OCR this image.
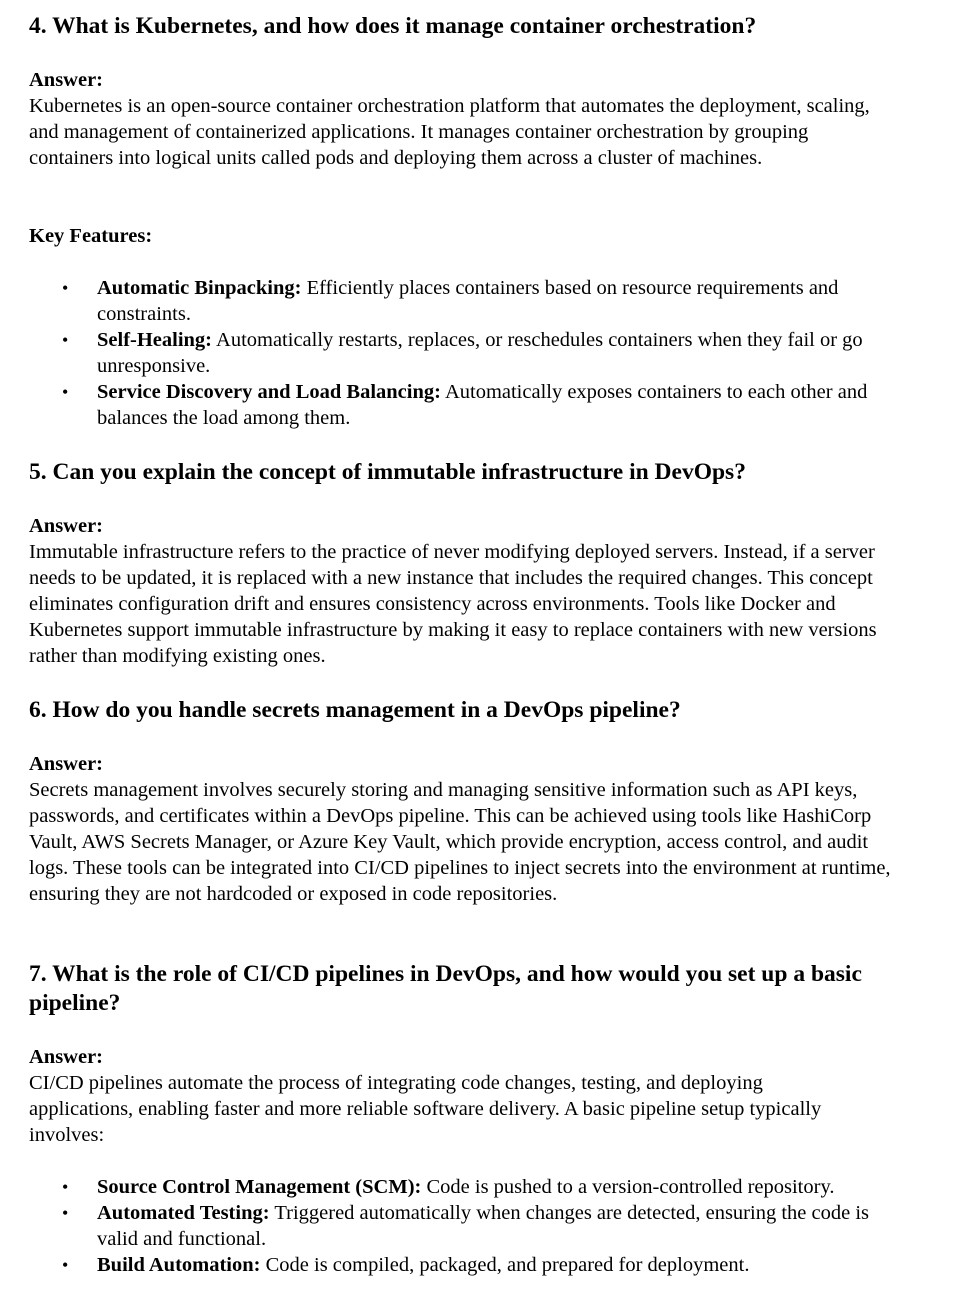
4. What is Kubernetes, and how does it manage container orchestration?
Answer:

Kubernetes is an open-source container orchestration platform that automates the deployment, scaling, and management of containerized applications. It manages container orchestration by grouping containers into logical units called pods and deploying them across a cluster of machines.

Key Features:
• Automatic Binpacking: Efficiently places containers based on resource requirements and constraints.
• Self-Healing: Automatically restarts, replaces, or reschedules containers when they fail or go unresponsive.
• Service Discovery and Load Balancing: Automatically exposes containers to each other and balances the load among them.
5. Can you explain the concept of immutable infrastructure in DevOps?
Answer:

Immutable infrastructure refers to the practice of never modifying deployed servers. Instead, if a server needs to be updated, it is replaced with a new instance that includes the required changes. This concept eliminates configuration drift and ensures consistency across environments. Tools like Docker and Kubernetes support immutable infrastructure by making it easy to replace containers with new versions rather than modifying existing ones.

6. How do you handle secrets management in a DevOps pipeline?
Answer:

Secrets management involves securely storing and managing sensitive information such as API keys, passwords, and certificates within a DevOps pipeline. This can be achieved using tools like HashiCorp Vault, AWS Secrets Manager, or Azure Key Vault, which provide encryption, access control, and audit logs. These tools can be integrated into CI/CD pipelines to inject secrets into the environment at runtime, ensuring they are not hardcoded or exposed in code repositories.

7. What is the role of CI/CD pipelines in DevOps, and how would you set up a basic pipeline?
Answer:

CI/CD pipelines automate the process of integrating code changes, testing, and deploying applications, enabling faster and more reliable software delivery. A basic pipeline setup typically involves:

• Source Control Management (SCM): Code is pushed to a version-controlled repository.
• Automated Testing: Triggered automatically when changes are detected, ensuring the code is valid and functional.
• Build Automation: Code is compiled, packaged, and prepared for deployment.
